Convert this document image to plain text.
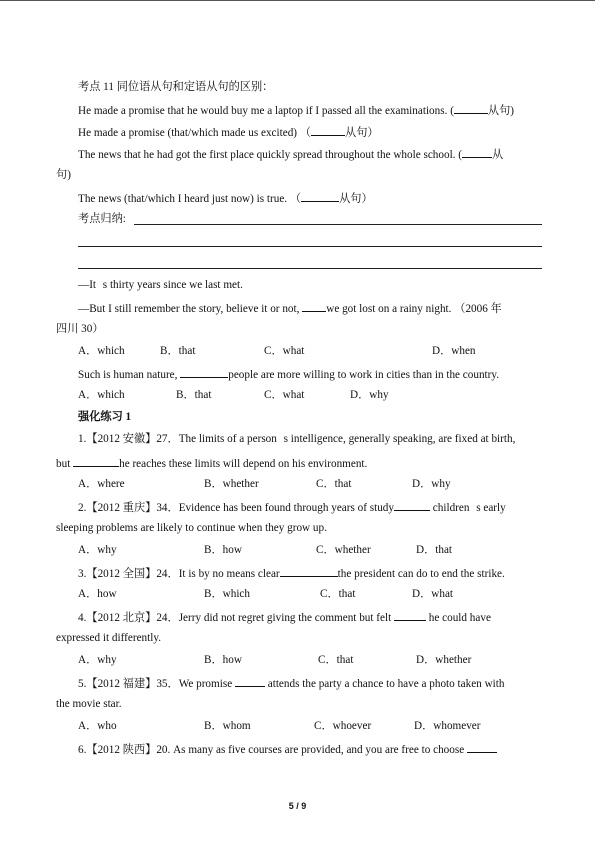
考点 11 同位语从句和定语从句的区别：
He made a promise that he would buy me a laptop if I passed all the examinations. (	从句)
He made a promise (that/which made us excited) （	从句）
The news that he had got the first place quickly spread throughout the whole school. (	从
句)
The news (that/which I heard just now) is true. （	从句）
考点归纳:
—Its thirty years since we last met.
—But I still remember the story, believe it or not, we got lost on a rainy night. （2006 年
四川 30）
A．which	B．that	C．what	D．when
Such is human nature,	people are more willing to work in cities than in the country.
A．which	B．that	C．what	D．why
强化练习 1
1.【2012 安徽】27．The limits of a persons intelligence, generally speaking, are fixed at birth,
but	he reaches these limits will depend on his environment.
A．where	B．whether	C．that	D．why
2.【2012 重庆】34．Evidence has been found through years of study	childrens early
sleeping problems are likely to continue when they grow up.
A．why	B．how	C．whether	D．that
3.【2012 全国】24．It is by no means clear	the president can do to end the strike.
A．how	B．which	C．that	D．what
4.【2012 北京】24．Jerry did not regret giving the comment but felt	he could have
expressed it differently.
A．why	B．how	C．that	D．whether
5.【2012 福建】35．We promise	attends the party a chance to have a photo taken with
the movie star.
A．who	B．whom	C．whoever	D．whomever
6.【2012 陕西】20. As many as five courses are provided, and you are free to choose
5 / 9
